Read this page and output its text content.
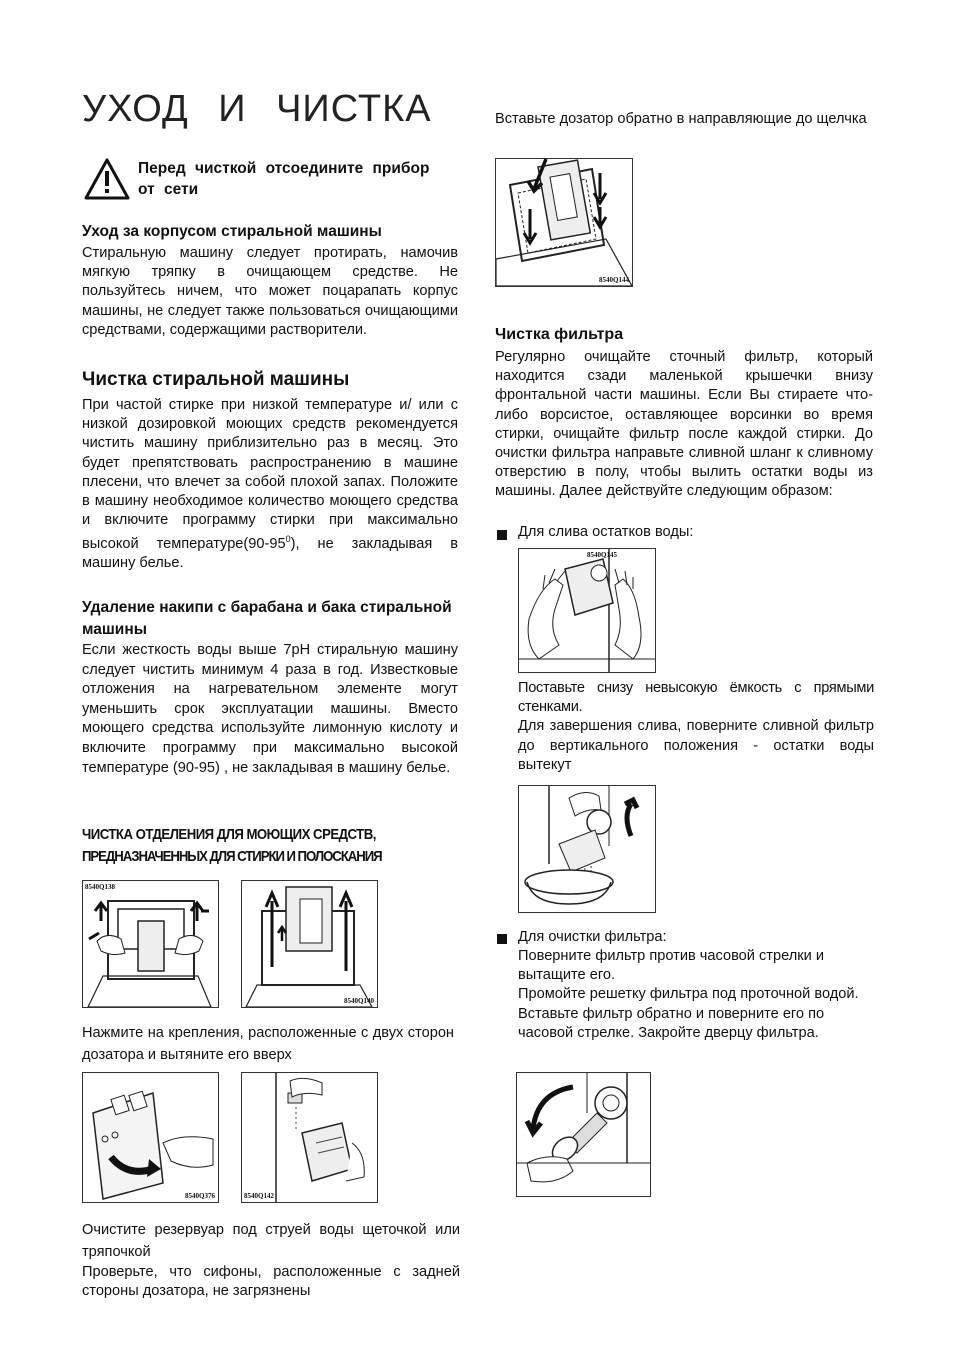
УХОД И ЧИСТКА
Перед чисткой отсоедините прибор от сети
Уход за корпусом стиральной машины

Стиральную машину следует протирать, намочив мягкую тряпку в очищающем средстве. Не пользуйтесь ничем, что может поцарапать корпус машины, не следует также пользоваться очищающими средствами, содержащими растворители.

Чистка стиральной машины

При частой стирке при низкой температуре и/ или с низкой дозировкой моющих средств рекомендуется чистить машину приблизительно раз в месяц. Это будет препятствовать распространению в машине плесени, что влечет за собой плохой запах. Положите в машину необходимое количество моющего средства и включите программу стирки при максимально высокой $температуре(90-95^0)$, не закладывая в машину белье.

Удаление накипи с барабана и бака стиральной машины

Если жесткость воды выше 7рН стиральную машину следует чистить минимум 4 раза в год. Известковые отложения на нагревательном элементе могут уменьшить срок эксплуатации машины. Вместо моющего средства используйте лимонную кислоту и включите программу при максимально высокой температуре (90-95) , не закладывая в машину белье.

ЧИСТКА ОТДЕЛЕНИЯ ДЛЯ МОЮЩИХ СРЕДСТВ,
ПРЕДНАЗНАЧЕННЫХ ДЛЯ СТИРКИ И ПОЛОСКАНИЯ
8540Q138
8540Q140

Нажмите на крепления, расположенные с двух сторон дозатора и вытяните его вверх

8540Q376	8540Q142

Очистите резервуар под струей воды щеточкой или тряпочкой

Проверьте, что сифоны, расположенные с задней стороны дозатора, не загрязнены

Вставьте дозатор обратно в направляющие до щелчка

8540Q144
Чистка фильтра

Регулярно очищайте сточный фильтр, который находится сзади маленькой крышечки внизу фронтальной части машины. Если Вы стираете что-либо ворсистое, оставляющее ворсинки во время стирки, очищайте фильтр после каждой стирки. До очистки фильтра направьте сливной шланг к сливному отверстию в полу, чтобы вылить остатки воды из машины. Далее действуйте следующим образом:

Для слива остатков воды:
8540Q145

Поставьте снизу невысокую ёмкость с прямыми стенками.

Для завершения слива, поверните сливной фильтр до вертикального положения - остатки воды вытекут

Для очистки фильтра:

Поверните фильтр против часовой стрелки и вытащите его.

Промойте решетку фильтра под проточной водой. Вставьте фильтр обратно и поверните его по часовой стрелке. Закройте дверцу фильтра.
